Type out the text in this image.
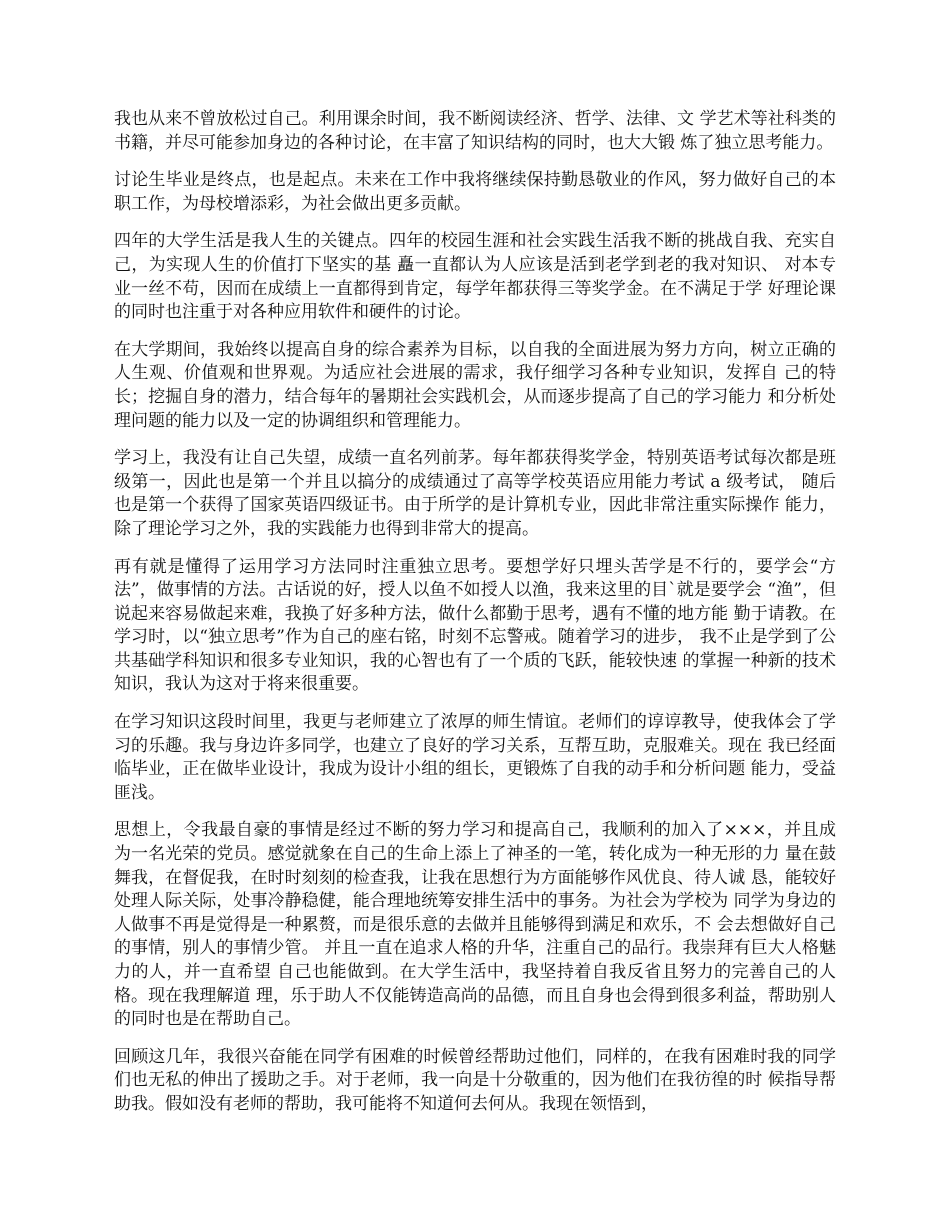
我也从来不曾放松过自己。利用课余时间，我不断阅读经济、哲学、法律、文 学艺术等社科类的书籍，并尽可能参加身边的各种讨论，在丰富了知识结构的同时，也大大锻 炼了独立思考能力。

讨论生毕业是终点，也是起点。未来在工作中我将继续保持勤恳敬业的作风，努力做好自己的本职工作，为母校增添彩，为社会做出更多贡献。

四年的大学生活是我人生的关键点。四年的校园生涯和社会实践生活我不断的挑战自我、充实自己，为实现人生的价值打下坚实的基 矗一直都认为人应该是活到老学到老的我对知识、 对本专业一丝不苟，因而在成绩上一直都得到肯定，每学年都获得三等奖学金。在不满足于学 好理论课的同时也注重于对各种应用软件和硬件的讨论。

在大学期间，我始终以提高自身的综合素养为目标，以自我的全面进展为努力方向，树立正确的人生观、价值观和世界观。为适应社会进展的需求，我仔细学习各种专业知识，发挥自 己的特长；挖掘自身的潜力，结合每年的暑期社会实践机会，从而逐步提高了自己的学习能力 和分析处理问题的能力以及一定的协调组织和管理能力。

学习上，我没有让自己失望，成绩一直名列前茅。每年都获得奖学金，特别英语考试每次都是班级第一，因此也是第一个并且以搞分的成绩通过了高等学校英语应用能力考试 a 级考试， 随后也是第一个获得了国家英语四级证书。由于所学的是计算机专业，因此非常注重实际操作 能力，除了理论学习之外，我的实践能力也得到非常大的提高。

再有就是懂得了运用学习方法同时注重独立思考。要想学好只埋头苦学是不行的，要学会“方法”，做事情的方法。古话说的好，授人以鱼不如授人以渔，我来这里的目`就是要学会 “渔”，但说起来容易做起来难，我换了好多种方法，做什么都勤于思考，遇有不懂的地方能 勤于请教。在学习时，以“独立思考”作为自己的座右铭，时刻不忘警戒。随着学习的进步， 我不止是学到了公共基础学科知识和很多专业知识，我的心智也有了一个质的飞跃，能较快速 的掌握一种新的技术知识，我认为这对于将来很重要。

在学习知识这段时间里，我更与老师建立了浓厚的师生情谊。老师们的谆谆教导，使我体会了学习的乐趣。我与身边许多同学，也建立了良好的学习关系，互帮互助，克服难关。现在 我已经面临毕业，正在做毕业设计，我成为设计小组的组长，更锻炼了自我的动手和分析问题 能力，受益匪浅。

思想上，令我最自豪的事情是经过不断的努力学习和提高自己，我顺利的加入了×××，并且成为一名光荣的党员。感觉就象在自己的生命上添上了神圣的一笔，转化成为一种无形的力 量在鼓舞我，在督促我，在时时刻刻的检查我，让我在思想行为方面能够作风优良、待人诚 恳，能较好处理人际关际，处事冷静稳健，能合理地统筹安排生活中的事务。为社会为学校为 同学为身边的人做事不再是觉得是一种累赘，而是很乐意的去做并且能够得到满足和欢乐，不 会去想做好自己的事情，别人的事情少管。 并且一直在追求人格的升华，注重自己的品行。我崇拜有巨大人格魅力的人，并一直希望 自己也能做到。在大学生活中，我坚持着自我反省且努力的完善自己的人格。现在我理解道 理，乐于助人不仅能铸造高尚的品德，而且自身也会得到很多利益，帮助别人的同时也是在帮助自己。

回顾这几年，我很兴奋能在同学有困难的时候曾经帮助过他们，同样的，在我有困难时我的同学们也无私的伸出了援助之手。对于老师，我一向是十分敬重的，因为他们在我彷徨的时 候指导帮助我。假如没有老师的帮助，我可能将不知道何去何从。我现在领悟到，
